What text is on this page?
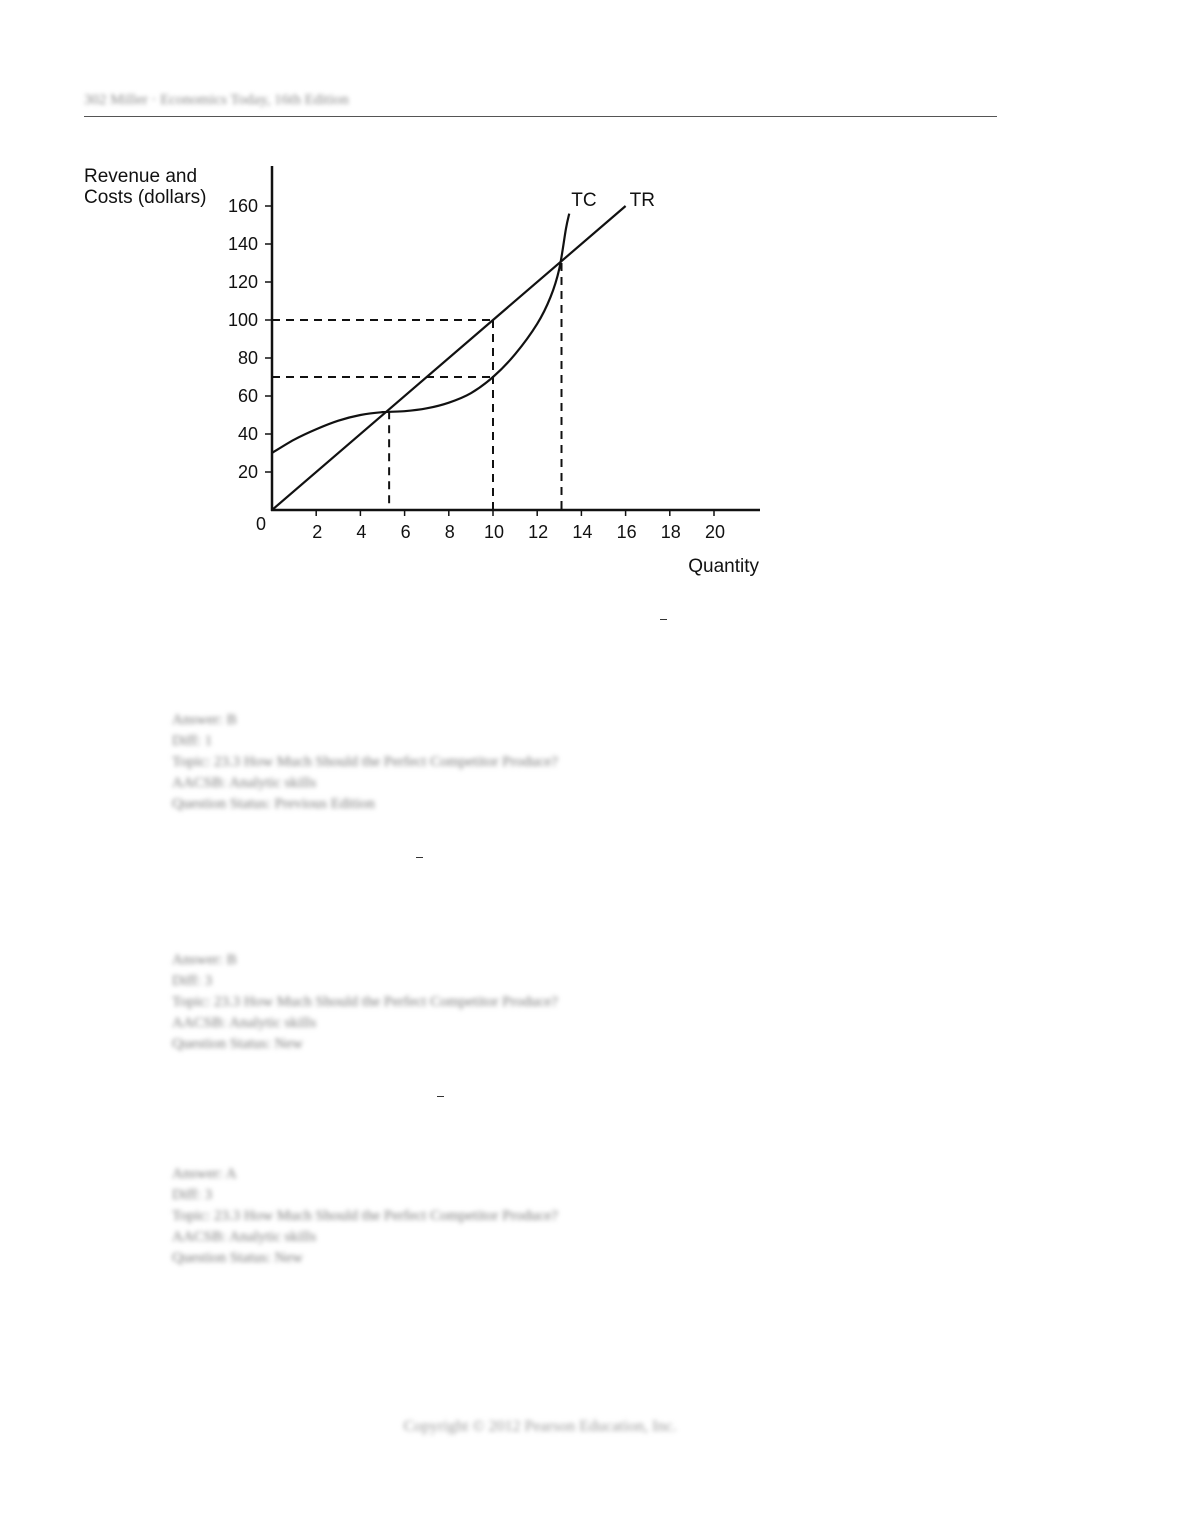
302 Miller · Economics Today, 16th Edition
Revenue and
Costs (dollars)
20
40
60
80
100
120
140
160
2 4 6 8 10 12 14 16 18 20
0
Quantity
TC TR
Answer: B
Diff: 1
Topic: 23.3 How Much Should the Perfect Competitor Produce?
AACSB: Analytic skills
Question Status: Previous Edition
Answer: B
Diff: 3
Topic: 23.3 How Much Should the Perfect Competitor Produce?
AACSB: Analytic skills
Question Status: New
Answer: A
Diff: 3
Topic: 23.3 How Much Should the Perfect Competitor Produce?
AACSB: Analytic skills
Question Status: New
Copyright © 2012 Pearson Education, Inc.
